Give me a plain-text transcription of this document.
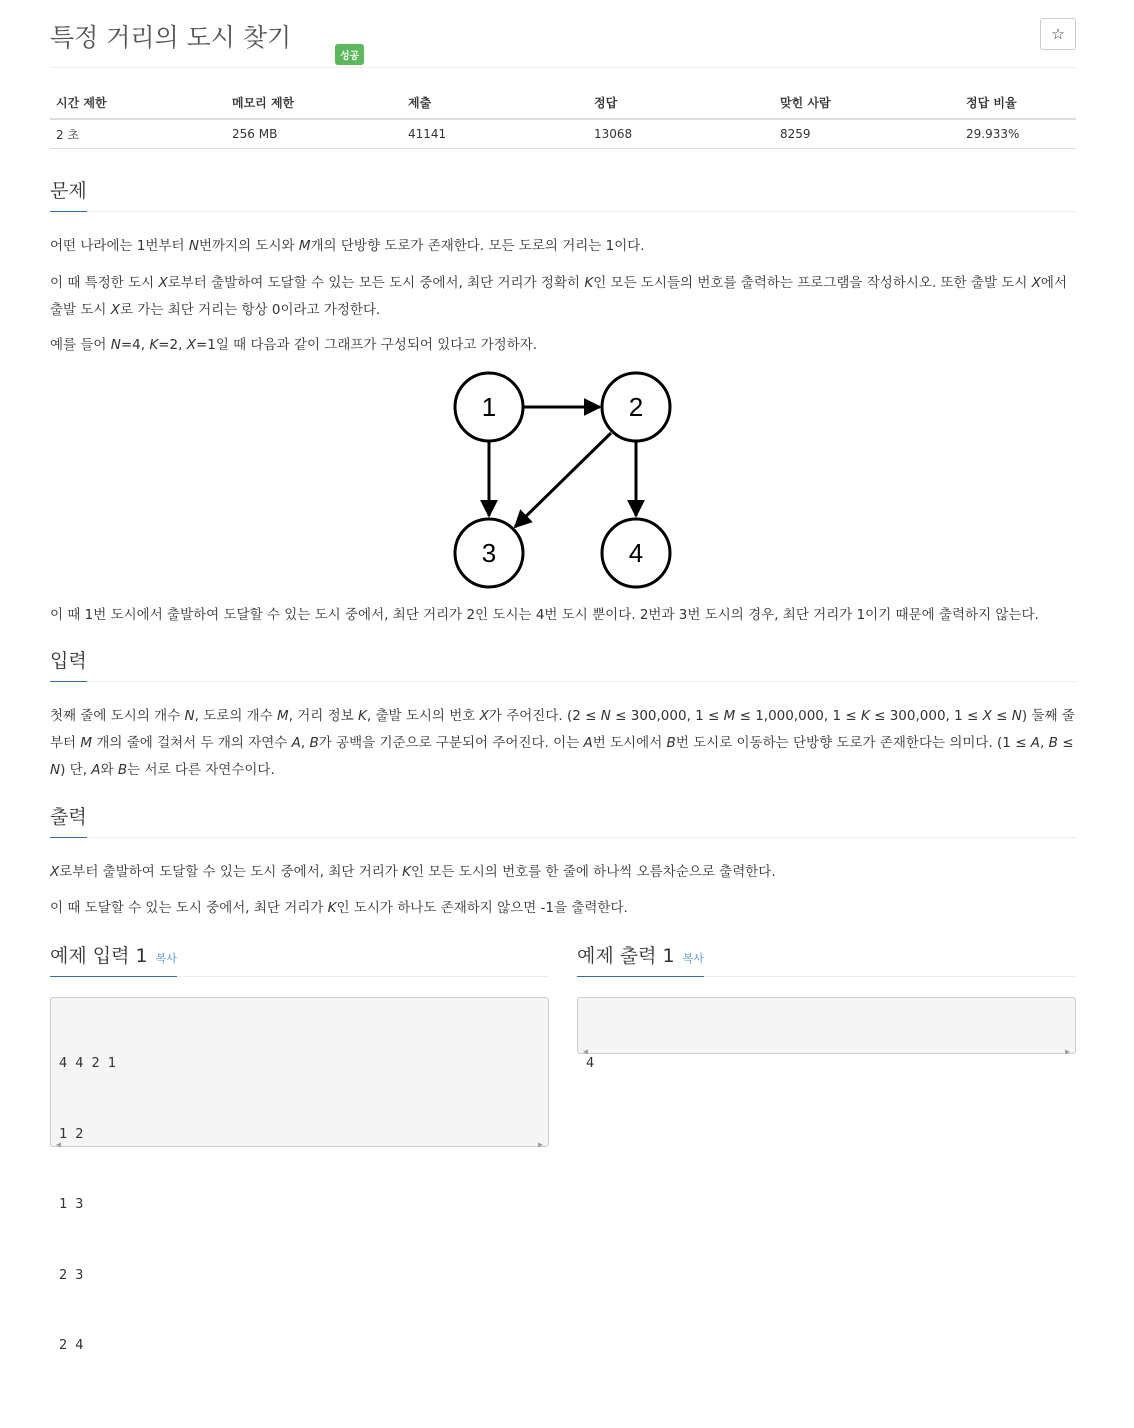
특정 거리의 도시 찾기
성공
☆
시간 제한	메모리 제한	제출	정답	맞힌 사람	정답 비율
2 초	256 MB	41141	13068	8259	29.933%
문제
어떤 나라에는 1번부터 N번까지의 도시와 M개의 단방향 도로가 존재한다. 모든 도로의 거리는 1이다.
이 때 특정한 도시 X로부터 출발하여 도달할 수 있는 모든 도시 중에서, 최단 거리가 정확히 K인 모든 도시들의 번호를 출력하는 프로그램을 작성하시오. 또한 출발 도시 X에서 출발 도시 X로 가는 최단 거리는 항상 0이라고 가정한다.
예를 들어 N=4, K=2, X=1일 때 다음과 같이 그래프가 구성되어 있다고 가정하자.
1	2
3	4
이 때 1번 도시에서 출발하여 도달할 수 있는 도시 중에서, 최단 거리가 2인 도시는 4번 도시 뿐이다. 2번과 3번 도시의 경우, 최단 거리가 1이기 때문에 출력하지 않는다.
입력
첫째 줄에 도시의 개수 N, 도로의 개수 M, 거리 정보 K, 출발 도시의 번호 X가 주어진다. (2 ≤ N ≤ 300,000, 1 ≤ M ≤ 1,000,000, 1 ≤ K ≤ 300,000, 1 ≤ X ≤ N) 둘째 줄부터 M 개의 줄에 걸쳐서 두 개의 자연수 A, B가 공백을 기준으로 구분되어 주어진다. 이는 A번 도시에서 B번 도시로 이동하는 단방향 도로가 존재한다는 의미다. (1 ≤ A, B ≤ N) 단, A와 B는 서로 다른 자연수이다.
출력
X로부터 출발하여 도달할 수 있는 도시 중에서, 최단 거리가 K인 모든 도시의 번호를 한 줄에 하나씩 오름차순으로 출력한다.
이 때 도달할 수 있는 도시 중에서, 최단 거리가 K인 도시가 하나도 존재하지 않으면 -1을 출력한다.
예제 입력 1 복사	예제 출력 1 복사

4 4 2 1

1 2

1 3

2 3

2 4

◀	▶

4

◀	▶
